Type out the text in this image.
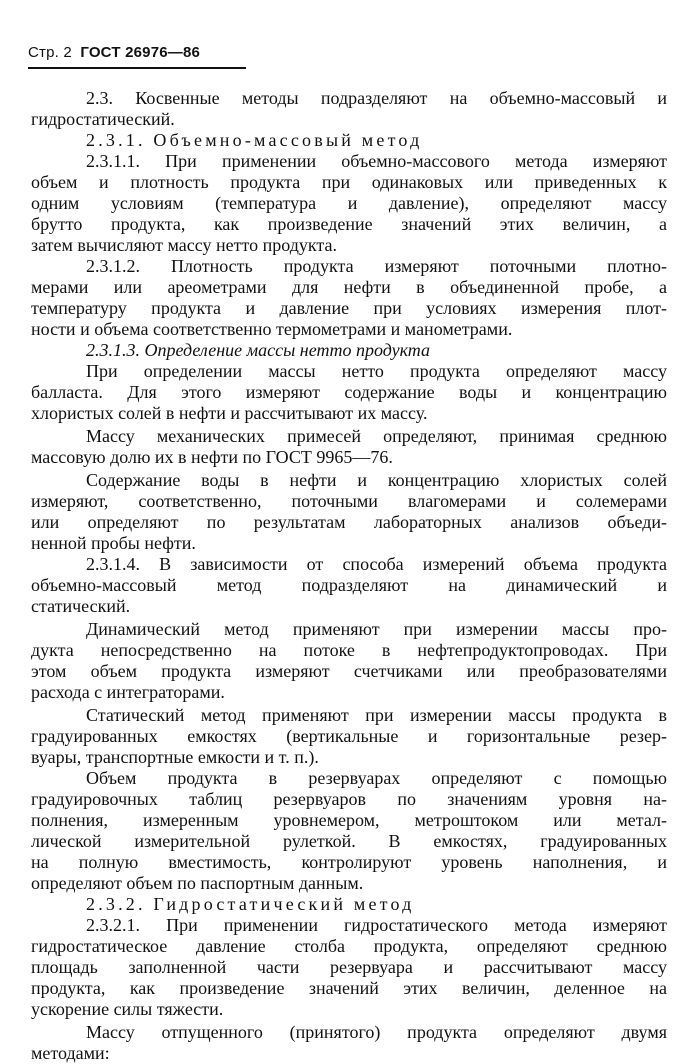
Стр. 2 ГОСТ 26976—86
2.3. Косвенные методы подразделяют на объемно-массовый и
гидростатический.
2.3.1. Объемно-массовый метод
2.3.1.1. При применении объемно-массового метода измеряют
объем и плотность продукта при одинаковых или приведенных к
одним условиям (температура и давление), определяют массу
брутто продукта, как произведение значений этих величин, а
затем вычисляют массу нетто продукта.
2.3.1.2. Плотность продукта измеряют поточными плотно-
мерами или ареометрами для нефти в объединенной пробе, а
температуру продукта и давление при условиях измерения плот-
ности и объема соответственно термометрами и манометрами.
2.3.1.3. Определение массы нетто продукта
При определении массы нетто продукта определяют массу
балласта. Для этого измеряют содержание воды и концентрацию
хлористых солей в нефти и рассчитывают их массу.
Массу механических примесей определяют, принимая среднюю
массовую долю их в нефти по ГОСТ 9965—76.
Содержание воды в нефти и концентрацию хлористых солей
измеряют, соответственно, поточными влагомерами и солемерами
или определяют по результатам лабораторных анализов объеди-
ненной пробы нефти.
2.3.1.4. В зависимости от способа измерений объема продукта
объемно-массовый метод подразделяют на динамический и
статический.
Динамический метод применяют при измерении массы про-
дукта непосредственно на потоке в нефтепродуктопроводах. При
этом объем продукта измеряют счетчиками или преобразователями
расхода с интеграторами.
Статический метод применяют при измерении массы продукта в
градуированных емкостях (вертикальные и горизонтальные резер-
вуары, транспортные емкости и т. п.).
Объем продукта в резервуарах определяют с помощью
градуировочных таблиц резервуаров по значениям уровня на-
полнения, измеренным уровнемером, метроштоком или метал-
лической измерительной рулеткой. В емкостях, градуированных
на полную вместимость, контролируют уровень наполнения, и
определяют объем по паспортным данным.
2.3.2. Гидростатический метод
2.3.2.1. При применении гидростатического метода измеряют
гидростатическое давление столба продукта, определяют среднюю
площадь заполненной части резервуара и рассчитывают массу
продукта, как произведение значений этих величин, деленное на
ускорение силы тяжести.
Массу отпущенного (принятого) продукта определяют двумя
методами:
